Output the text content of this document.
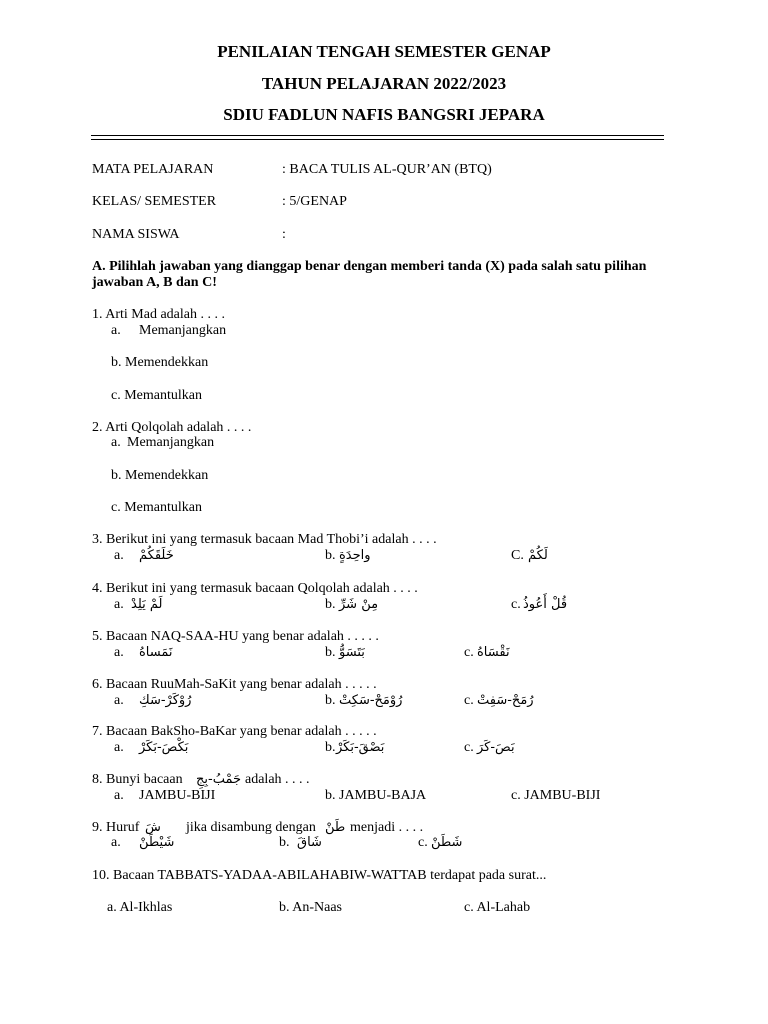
PENILAIAN TENGAH SEMESTER GENAP
TAHUN PELAJARAN 2022/2023
SDIU FADLUN NAFIS BANGSRI JEPARA
MATA PELAJARAN	: BACA TULIS AL-QUR’AN (BTQ)
KELAS/ SEMESTER	: 5/GENAP
NAMA SISWA	:
A. Pilihlah jawaban yang dianggap benar dengan memberi tanda (X) pada salah satu pilihan jawaban A, B dan C!
1. Arti Mad adalah . . . .
a. Memanjangkan
b. Memendekkan
c. Memantulkan
2. Arti Qolqolah adalah . . . .
a. Memanjangkan
b. Memendekkan
c. Memantulkan
3. Berikut ini yang termasuk bacaan Mad Thobi’i adalah . . . .
a. خَلَقَكُمْ	b. واحِدَةٍ	C. لَكُمْ
4. Berikut ini yang termasuk bacaan Qolqolah adalah . . . .
a. لَمْ يَلِدْ	b. مِنْ شَرِّ	c. قُلْ أَعُوذُ
5. Bacaan NAQ-SAA-HU yang benar adalah . . . . .
a. نَمَساهُ	b. بَتَسَوُّ	c. نَقْسَاهُ
6. Bacaan RuuMah-SaKit yang benar adalah . . . . .
a. رُوْكَرْ-سَكِ	b. رُوْمَحْ-سَكِتْ	c. رُمَحْ-سَفِتْ
7. Bacaan BakSho-BaKar yang benar adalah . . . . .
a. بَكْصَ-بَكَرْ	b. بَصْقَ-بَكَرْ	c. بَصَ-كَرَ
8. Bunyi bacaan جَمْبُ-بِجِ adalah . . . .
a. JAMBU-BIJI	b. JAMBU-BAJA	c. JAMBU-BIJI
9. Huruf شَ jika disambung dengan طَنْ menjadi . . . .
a. شَيْطَنْ	b. شَاقَ	c. شَطَنْ
10. Bacaan TABBATS-YADAA-ABILAHABIW-WATTAB terdapat pada surat...
a. Al-Ikhlas	b. An-Naas	c. Al-Lahab
